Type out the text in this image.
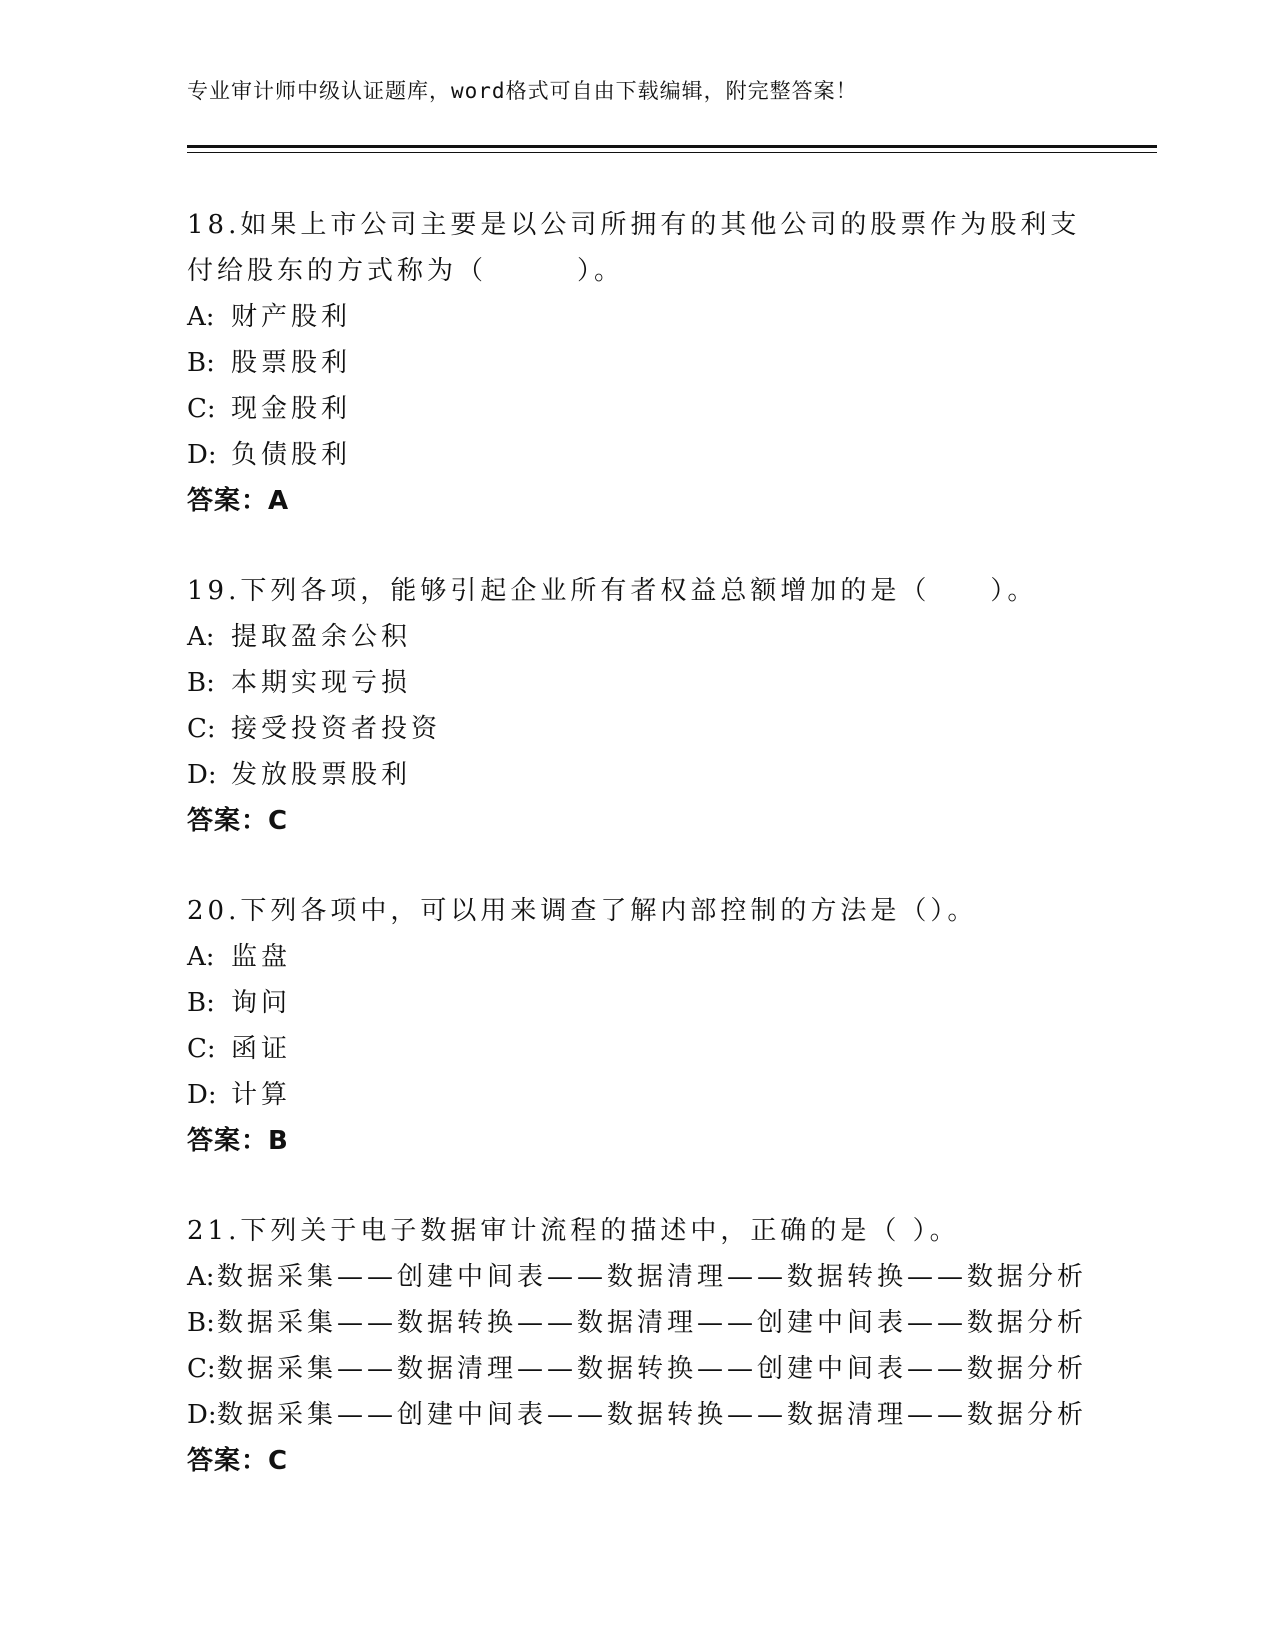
专业审计师中级认证题库，word格式可自由下载编辑，附完整答案！

18.如果上市公司主要是以公司所拥有的其他公司的股票作为股利支付给股东的方式称为（　　　）。

A: 财产股利
B: 股票股利
C: 现金股利
D: 负债股利
答案：A

19.下列各项，能够引起企业所有者权益总额增加的是（　　）。

A: 提取盈余公积
B: 本期实现亏损
C: 接受投资者投资
D: 发放股票股利
答案：C

20.下列各项中，可以用来调查了解内部控制的方法是（）。

A: 监盘
B: 询问
C: 函证
D: 计算
答案：B

21.下列关于电子数据审计流程的描述中，正确的是（ ）。

A: 数据采集——创建中间表——数据清理——数据转换——数据分析
B: 数据采集——数据转换——数据清理——创建中间表——数据分析
C: 数据采集——数据清理——数据转换——创建中间表——数据分析
D: 数据采集——创建中间表——数据转换——数据清理——数据分析
答案：C
